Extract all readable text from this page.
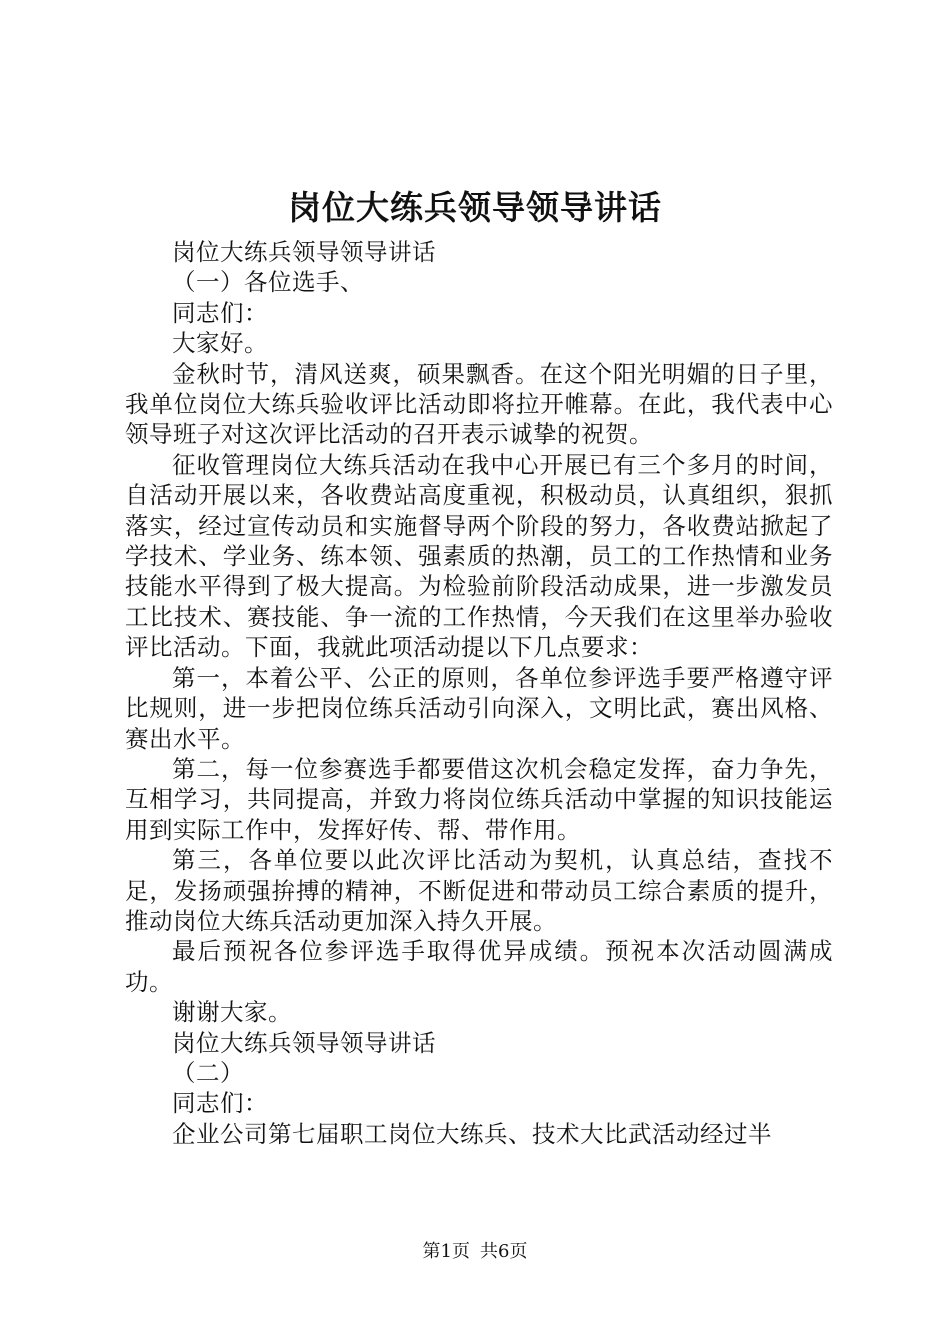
岗位大练兵领导领导讲话

岗位大练兵领导领导讲话

（一）各位选手、

同志们：

大家好。

金秋时节，清风送爽，硕果飘香。在这个阳光明媚的日子里，我单位岗位大练兵验收评比活动即将拉开帷幕。在此，我代表中心领导班子对这次评比活动的召开表示诚挚的祝贺。

征收管理岗位大练兵活动在我中心开展已有三个多月的时间，自活动开展以来，各收费站高度重视，积极动员，认真组织，狠抓落实，经过宣传动员和实施督导两个阶段的努力，各收费站掀起了学技术、学业务、练本领、强素质的热潮，员工的工作热情和业务技能水平得到了极大提高。为检验前阶段活动成果，进一步激发员工比技术、赛技能、争一流的工作热情，今天我们在这里举办验收评比活动。下面，我就此项活动提以下几点要求：

第一，本着公平、公正的原则，各单位参评选手要严格遵守评比规则，进一步把岗位练兵活动引向深入，文明比武，赛出风格、赛出水平。

第二，每一位参赛选手都要借这次机会稳定发挥，奋力争先，互相学习，共同提高，并致力将岗位练兵活动中掌握的知识技能运用到实际工作中，发挥好传、帮、带作用。

第三，各单位要以此次评比活动为契机，认真总结，查找不足，发扬顽强拚搏的精神，不断促进和带动员工综合素质的提升，推动岗位大练兵活动更加深入持久开展。

最后预祝各位参评选手取得优异成绩。预祝本次活动圆满成功。

谢谢大家。

岗位大练兵领导领导讲话

（二）

同志们：

企业公司第七届职工岗位大练兵、技术大比武活动经过半

第1页 共6页
